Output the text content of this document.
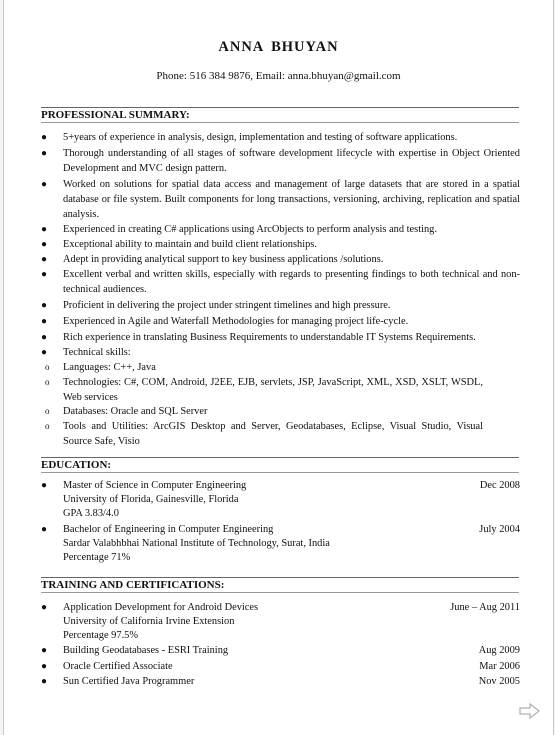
ANNA BHUYAN
Phone: 516 384 9876, Email: anna.bhuyan@gmail.com
PROFESSIONAL SUMMARY:
●	5+years of experience in analysis, design, implementation and testing of software applications.
●	Thorough understanding of all stages of software development lifecycle with expertise in Object Oriented Development and MVC design pattern.
●	Worked on solutions for spatial data access and management of large datasets that are stored in a spatial database or file system. Built components for long transactions, versioning, archiving, replication and spatial analysis.
●	Experienced in creating C# applications using ArcObjects to perform analysis and testing.
●	Exceptional ability to maintain and build client relationships.
●	Adept in providing analytical support to key business applications /solutions.
●	Excellent verbal and written skills, especially with regards to presenting findings to both technical and non-technical audiences.
●	Proficient in delivering the project under stringent timelines and high pressure.
●	Experienced in Agile and Waterfall Methodologies for managing project life-cycle.
●	Rich experience in translating Business Requirements to understandable IT Systems Requirements.
●	Technical skills:
o Languages: C++, Java
o Technologies: C#, COM, Android, J2EE, EJB, servlets, JSP, JavaScript, XML, XSD, XSLT, WSDL, Web services
o Databases: Oracle and SQL Server
o Tools and Utilities: ArcGIS Desktop and Server, Geodatabases, Eclipse, Visual Studio, Visual Source Safe, Visio
EDUCATION:
●	Master of Science in Computer Engineering
University of Florida, Gainesville, Florida
GPA 3.83/4.0
Dec 2008
●	Bachelor of Engineering in Computer Engineering
Sardar Valabhbhai National Institute of Technology, Surat, India
Percentage 71%
July 2004
TRAINING AND CERTIFICATIONS:
●	Application Development for Android Devices
University of California Irvine Extension
Percentage 97.5%
June – Aug 2011
●	Building Geodatabases - ESRI Training	Aug 2009
●	Oracle Certified Associate	Mar 2006
●	Sun Certified Java Programmer	Nov 2005
